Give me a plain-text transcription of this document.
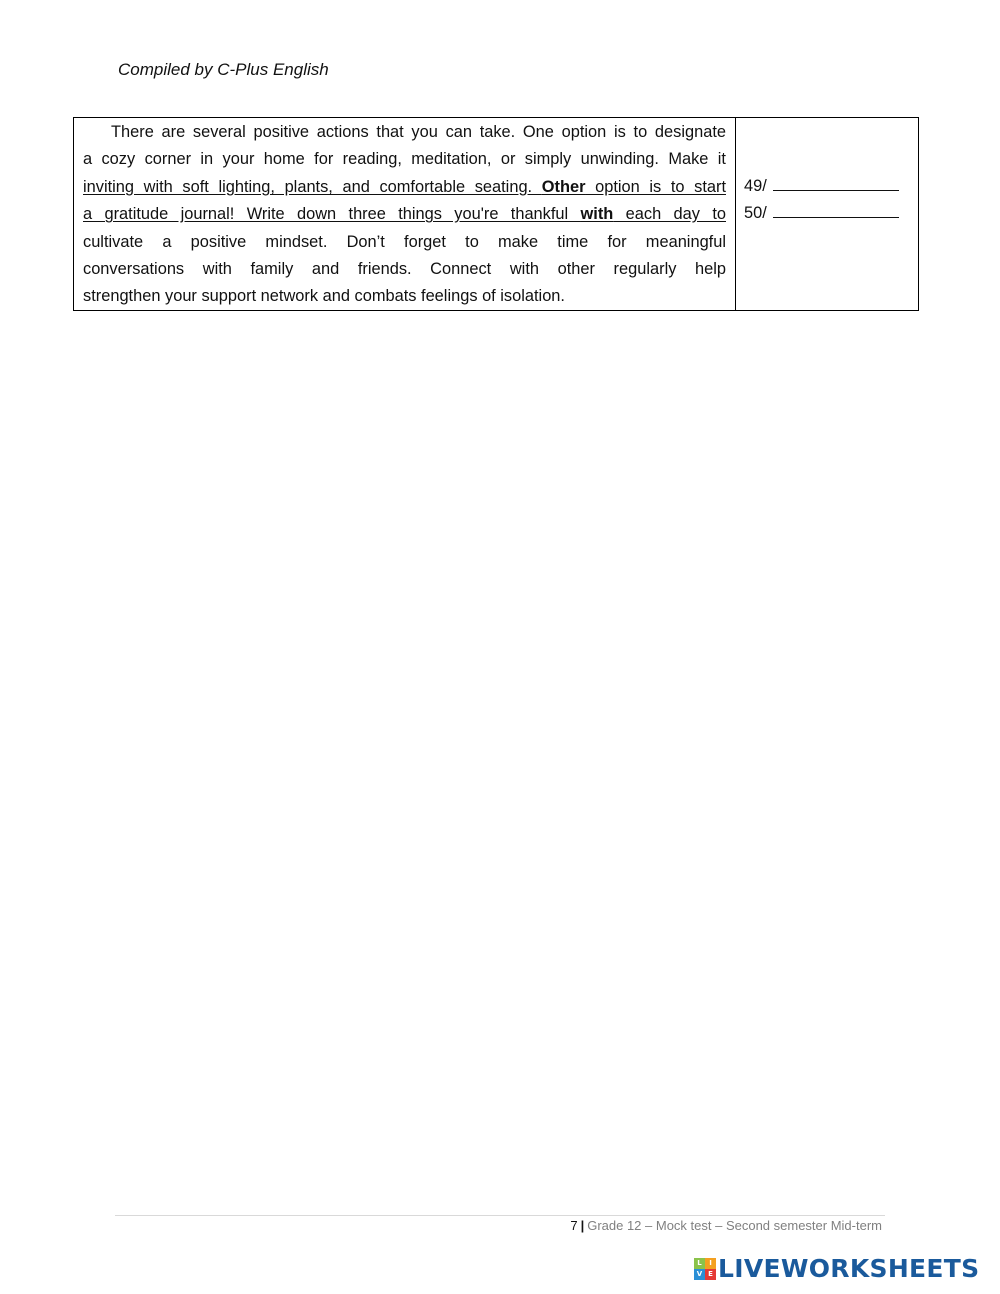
Compiled by C-Plus English
There are several positive actions that you can take. One option is to designate
a cozy corner in your home for reading, meditation, or simply unwinding. Make it
inviting with soft lighting, plants, and comfortable seating. Other option is to start
a gratitude journal! Write down three things you're thankful with each day to
cultivate a positive mindset. Don’t forget to make time for meaningful
conversations with family and friends. Connect with other regularly help
strengthen your support network and combats feelings of isolation.
49/
50/
7 | Grade 12 – Mock test – Second semester Mid-term
L	I
V E LIVEWORKSHEETS
